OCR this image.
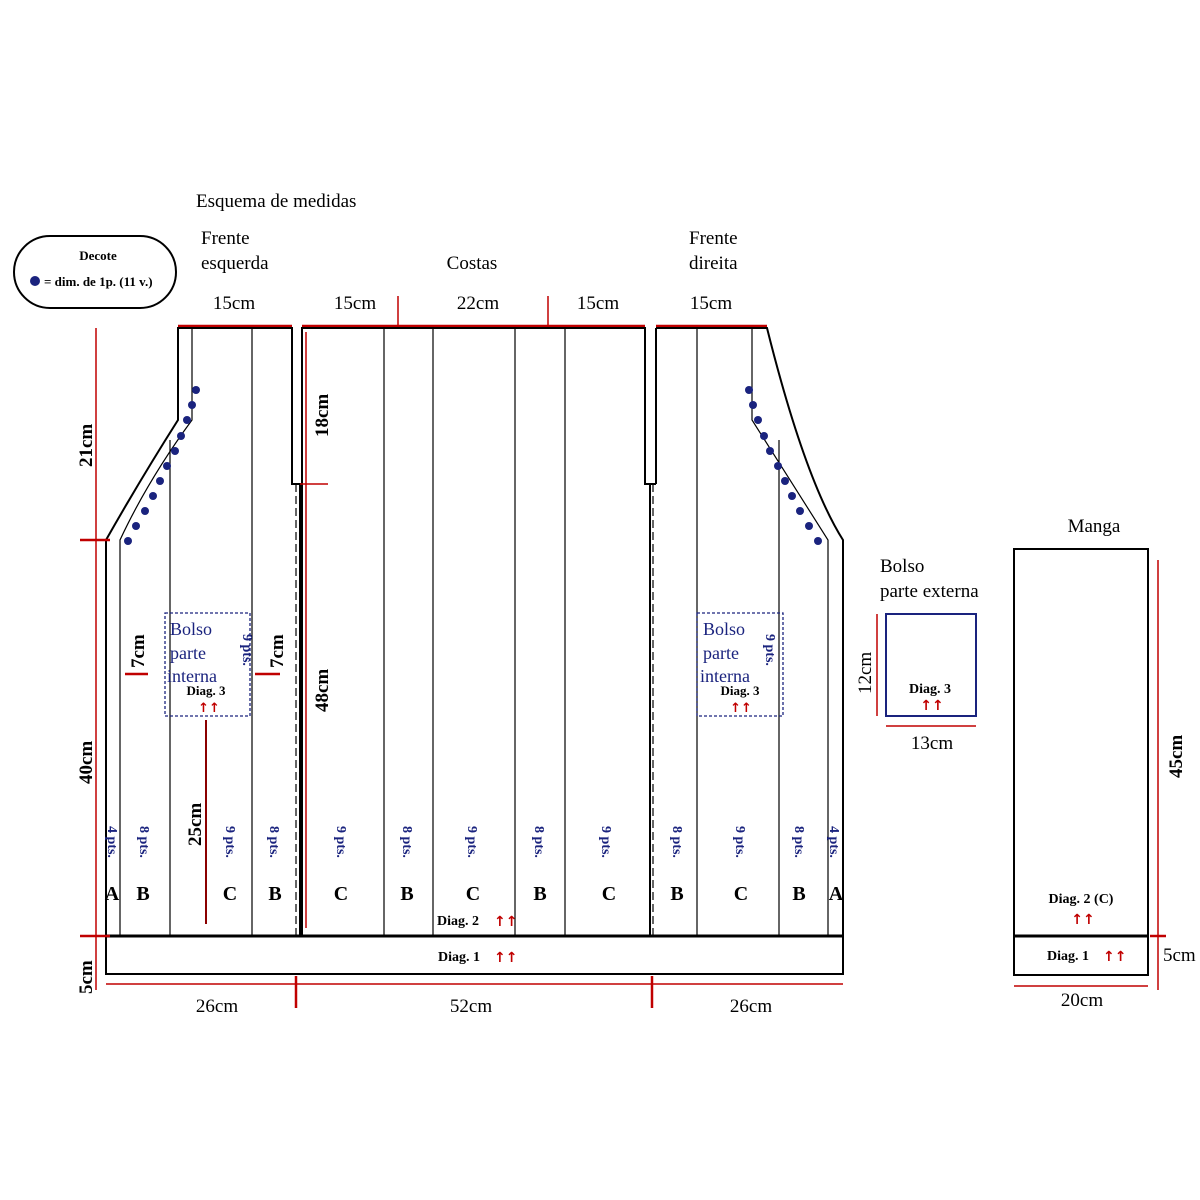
Esquema de medidas
Decote
= dim. de 1p. (11 v.)
Frente
esquerda	Costas
Frente
direita
15cm	15cm	22cm	15cm	15cm
Bolso
parte
interna
9 pts.
Diag. 3
↑↑
Bolso
parte
interna
9 pts.
Diag. 3
↑↑
7cm	7cm
25cm
18cm
48cm
21cm
40cm
5cm
4 pts. 8 pts.	9 pts. 8 pts.	9 pts.	8 pts.	9 pts.	8 pts.	9 pts.	8 pts.	9 pts.	8 pts. 4 pts.
A B	C B	C	B	C	B	C	B	C B A
Diag. 2 ↑↑
Diag. 1 ↑↑
26cm	52cm	26cm
Bolso
parte externa
Diag. 3
↑↑
12cm
13cm
Manga
Diag. 2 (C)
↑↑
Diag. 1 ↑↑
45cm
5cm
20cm
